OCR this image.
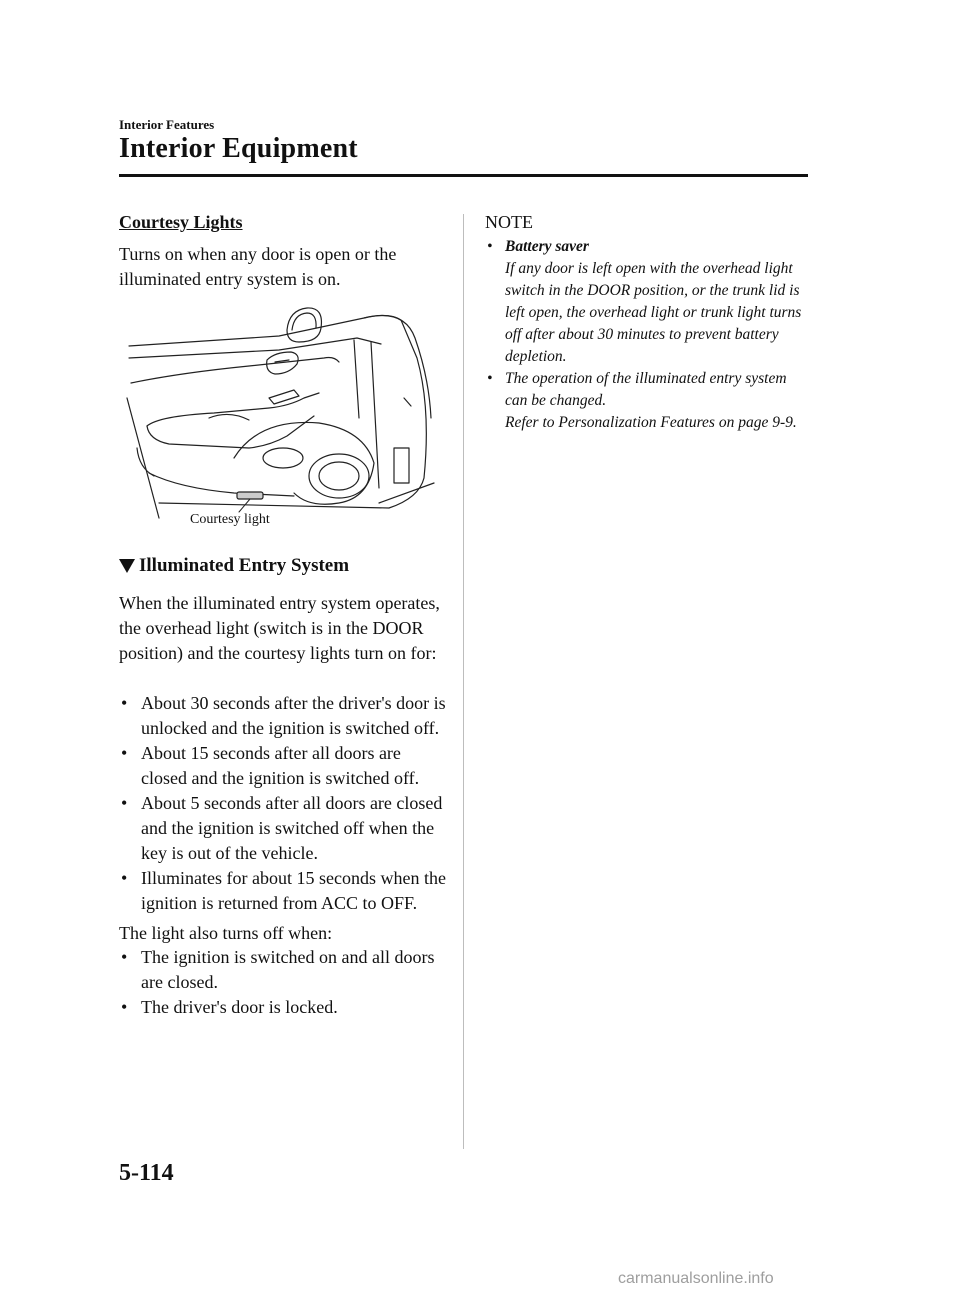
Interior Features
Interior Equipment
Courtesy Lights
Turns on when any door is open or the illuminated entry system is on.
Courtesy light
Illuminated Entry System
When the illuminated entry system operates, the overhead light (switch is in the DOOR position) and the courtesy lights turn on for:
• About 30 seconds after the driver's door is unlocked and the ignition is switched off.
• About 15 seconds after all doors are closed and the ignition is switched off.
• About 5 seconds after all doors are closed and the ignition is switched off when the key is out of the vehicle.
• Illuminates for about 15 seconds when the ignition is returned from ACC to OFF.
The light also turns off when:
• The ignition is switched on and all doors are closed.
• The driver's door is locked.
NOTE
• Battery saver
If any door is left open with the overhead light switch in the DOOR position, or the trunk lid is left open, the overhead light or trunk light turns off after about 30 minutes to prevent battery depletion.
• The operation of the illuminated entry system can be changed.
Refer to Personalization Features on page 9-9.
5-114
carmanualsonline.info
